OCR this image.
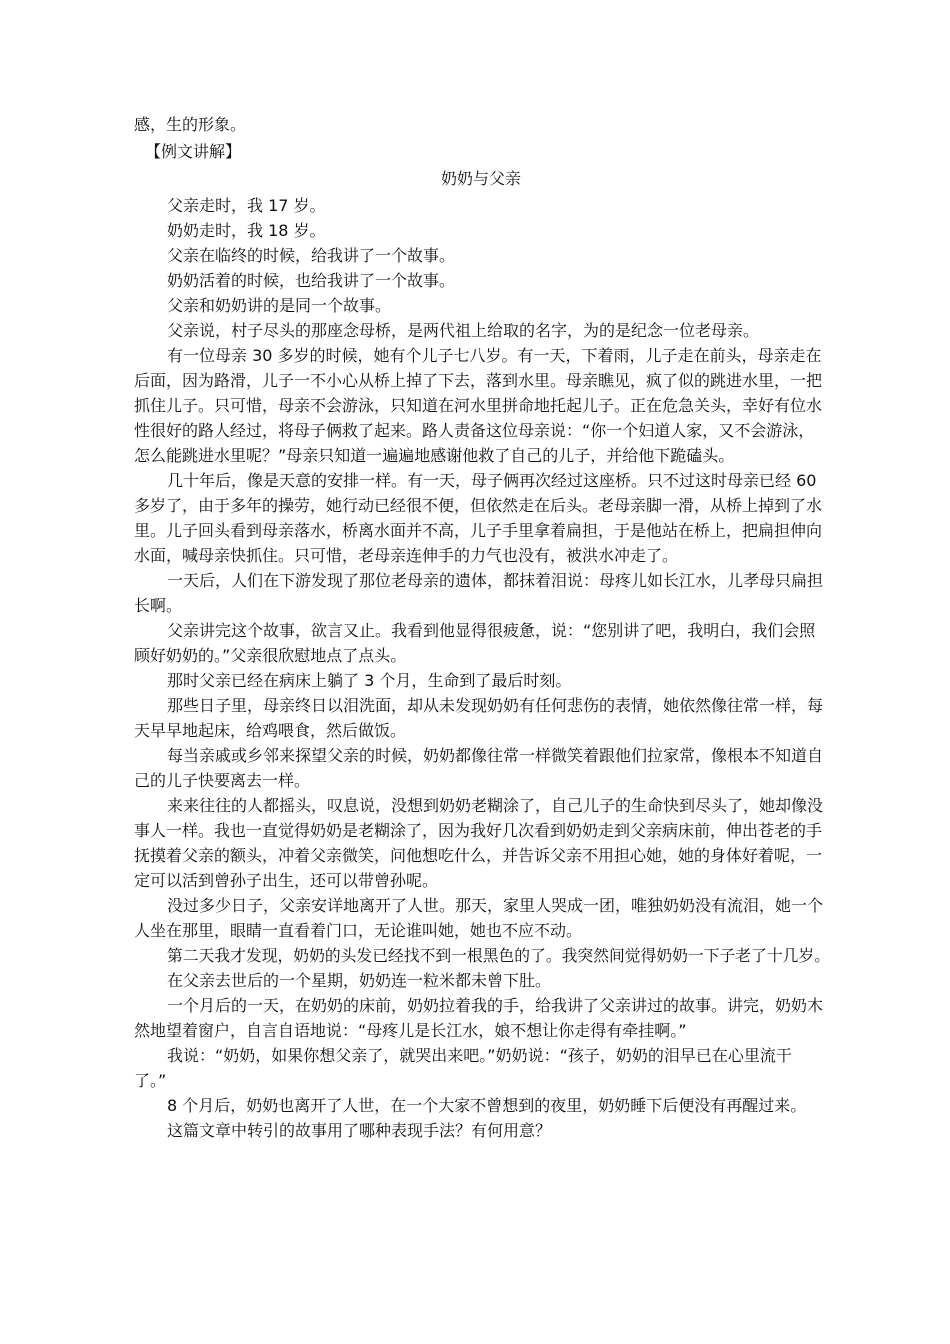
感，生的形象。
【例文讲解】
奶奶与父亲
父亲走时，我 17 岁。
奶奶走时，我 18 岁。
父亲在临终的时候，给我讲了一个故事。
奶奶活着的时候，也给我讲了一个故事。
父亲和奶奶讲的是同一个故事。
父亲说，村子尽头的那座念母桥，是两代祖上给取的名字，为的是纪念一位老母亲。
有一位母亲 30 多岁的时候，她有个儿子七八岁。有一天，下着雨，儿子走在前头，母亲走在
后面，因为路滑，儿子一不小心从桥上掉了下去，落到水里。母亲瞧见，疯了似的跳进水里，一把
抓住儿子。只可惜，母亲不会游泳，只知道在河水里拼命地托起儿子。正在危急关头，幸好有位水
性很好的路人经过，将母子俩救了起来。路人责备这位母亲说：“你一个妇道人家，又不会游泳，
怎么能跳进水里呢？”母亲只知道一遍遍地感谢他救了自己的儿子，并给他下跪磕头。
几十年后，像是天意的安排一样。有一天，母子俩再次经过这座桥。只不过这时母亲已经 60
多岁了，由于多年的操劳，她行动已经很不便，但依然走在后头。老母亲脚一滑，从桥上掉到了水
里。儿子回头看到母亲落水，桥离水面并不高，儿子手里拿着扁担，于是他站在桥上，把扁担伸向
水面，喊母亲快抓住。只可惜，老母亲连伸手的力气也没有，被洪水冲走了。
一天后，人们在下游发现了那位老母亲的遗体，都抹着泪说：母疼儿如长江水，儿孝母只扁担
长啊。
父亲讲完这个故事，欲言又止。我看到他显得很疲惫，说：“您别讲了吧，我明白，我们会照
顾好奶奶的。”父亲很欣慰地点了点头。
那时父亲已经在病床上躺了 3 个月，生命到了最后时刻。
那些日子里，母亲终日以泪洗面，却从未发现奶奶有任何悲伤的表情，她依然像往常一样，每
天早早地起床，给鸡喂食，然后做饭。
每当亲戚或乡邻来探望父亲的时候，奶奶都像往常一样微笑着跟他们拉家常，像根本不知道自
己的儿子快要离去一样。
来来往往的人都摇头，叹息说，没想到奶奶老糊涂了，自己儿子的生命快到尽头了，她却像没
事人一样。我也一直觉得奶奶是老糊涂了，因为我好几次看到奶奶走到父亲病床前，伸出苍老的手
抚摸着父亲的额头，冲着父亲微笑，问他想吃什么，并告诉父亲不用担心她，她的身体好着呢，一
定可以活到曾孙子出生，还可以带曾孙呢。
没过多少日子，父亲安详地离开了人世。那天，家里人哭成一团，唯独奶奶没有流泪，她一个
人坐在那里，眼睛一直看着门口，无论谁叫她，她也不应不动。
第二天我才发现，奶奶的头发已经找不到一根黑色的了。我突然间觉得奶奶一下子老了十几岁。
在父亲去世后的一个星期，奶奶连一粒米都未曾下肚。
一个月后的一天，在奶奶的床前，奶奶拉着我的手，给我讲了父亲讲过的故事。讲完，奶奶木
然地望着窗户，自言自语地说：“母疼儿是长江水，娘不想让你走得有牵挂啊。”
我说：“奶奶，如果你想父亲了，就哭出来吧。”奶奶说：“孩子，奶奶的泪早已在心里流干
了。”
8 个月后，奶奶也离开了人世，在一个大家不曾想到的夜里，奶奶睡下后便没有再醒过来。
这篇文章中转引的故事用了哪种表现手法？有何用意？
